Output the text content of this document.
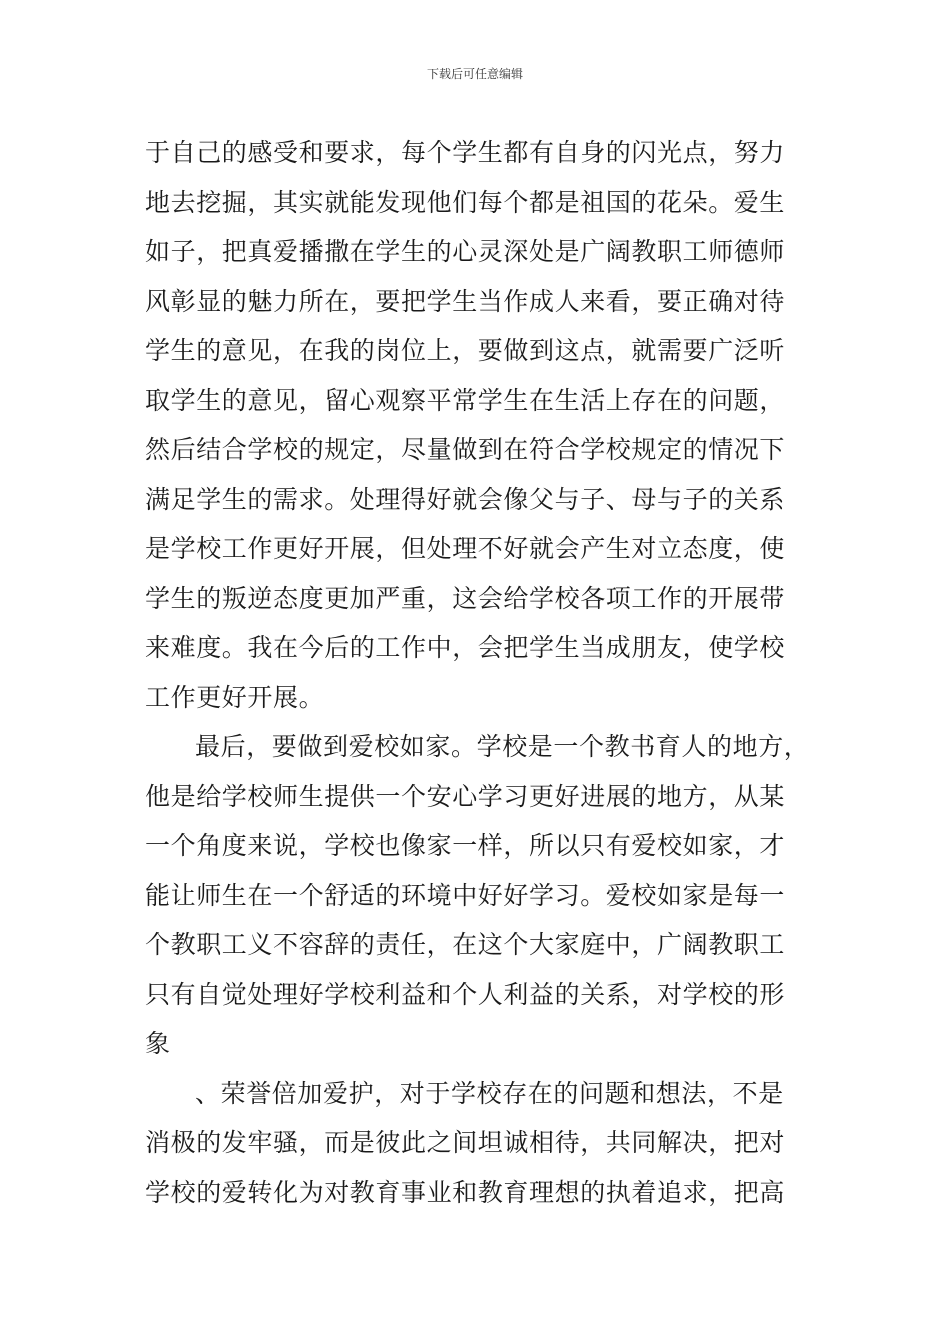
下载后可任意编辑
于自己的感受和要求，每个学生都有自身的闪光点，努力
地去挖掘，其实就能发现他们每个都是祖国的花朵。爱生
如子，把真爱播撒在学生的心灵深处是广阔教职工师德师
风彰显的魅力所在，要把学生当作成人来看，要正确对待
学生的意见，在我的岗位上，要做到这点，就需要广泛听
取学生的意见，留心观察平常学生在生活上存在的问题，
然后结合学校的规定，尽量做到在符合学校规定的情况下
满足学生的需求。处理得好就会像父与子、母与子的关系
是学校工作更好开展，但处理不好就会产生对立态度，使
学生的叛逆态度更加严重，这会给学校各项工作的开展带
来难度。我在今后的工作中，会把学生当成朋友，使学校
工作更好开展。
最后，要做到爱校如家。学校是一个教书育人的地方，
他是给学校师生提供一个安心学习更好进展的地方，从某
一个角度来说，学校也像家一样，所以只有爱校如家，才
能让师生在一个舒适的环境中好好学习。爱校如家是每一
个教职工义不容辞的责任，在这个大家庭中，广阔教职工
只有自觉处理好学校利益和个人利益的关系，对学校的形
象
、荣誉倍加爱护，对于学校存在的问题和想法，不是
消极的发牢骚，而是彼此之间坦诚相待，共同解决，把对
学校的爱转化为对教育事业和教育理想的执着追求，把高
